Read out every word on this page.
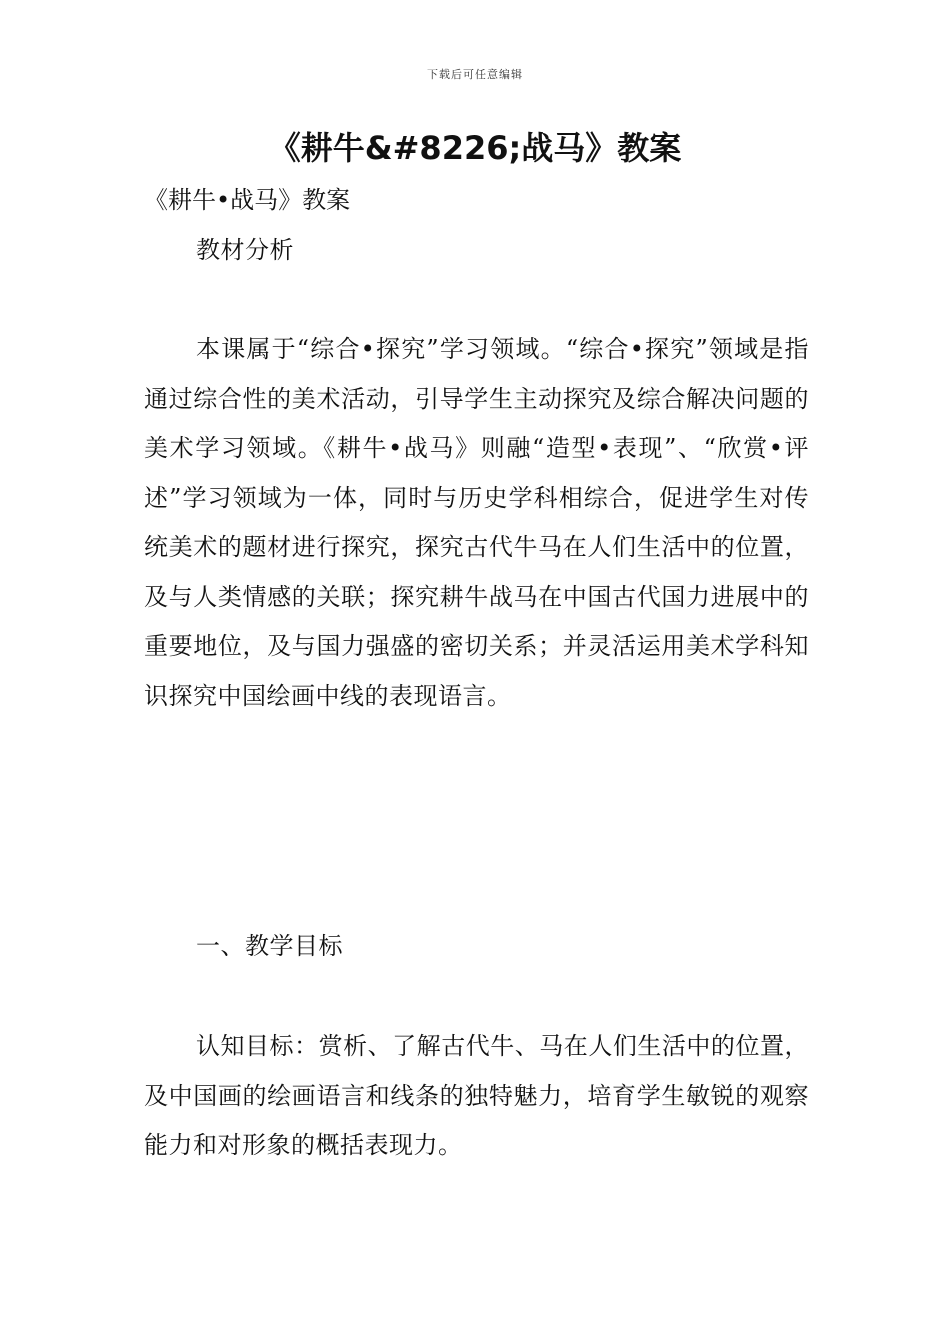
下载后可任意编辑
《耕牛&#8226;战马》教案
《耕牛•战马》教案
教材分析
本课属于“综合•探究”学习领域。“综合•探究”领域是指通过综合性的美术活动，引导学生主动探究及综合解决问题的美术学习领域。《耕牛•战马》则融“造型•表现”、“欣赏•评述”学习领域为一体，同时与历史学科相综合，促进学生对传统美术的题材进行探究，探究古代牛马在人们生活中的位置，及与人类情感的关联；探究耕牛战马在中国古代国力进展中的重要地位，及与国力强盛的密切关系；并灵活运用美术学科知识探究中国绘画中线的表现语言。
一、教学目标
认知目标：赏析、了解古代牛、马在人们生活中的位置，及中国画的绘画语言和线条的独特魅力，培育学生敏锐的观察能力和对形象的概括表现力。
